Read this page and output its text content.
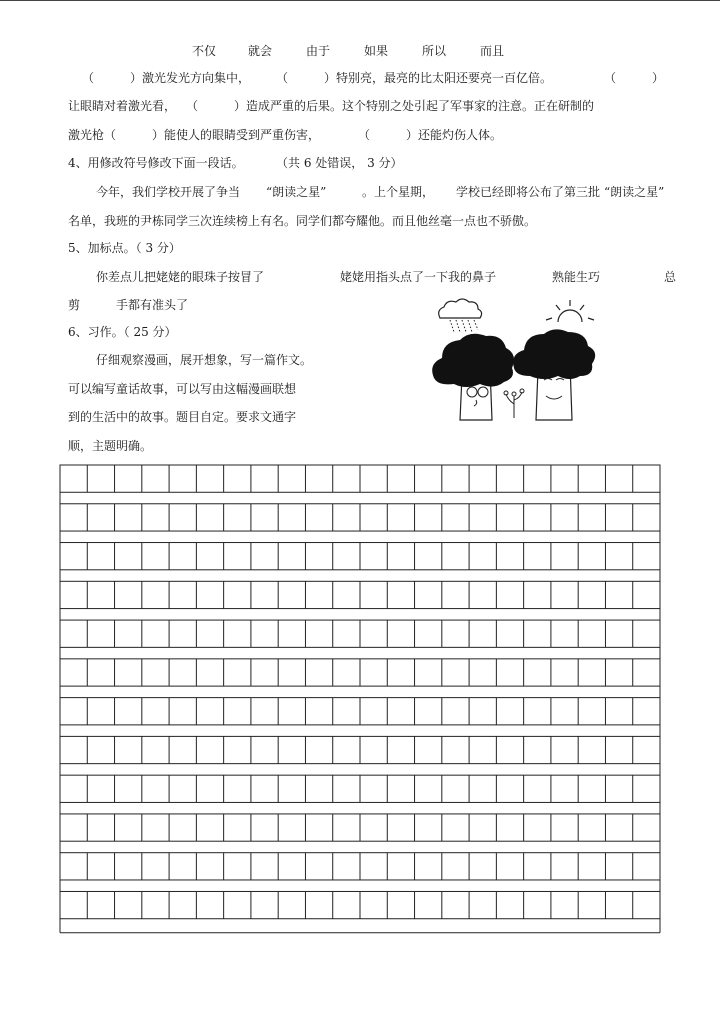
不仅	就会	由于	如果	所以	而且
（　　　）激光发光方向集中， （　　　）特别亮，最亮的比太阳还要亮一百亿倍。	（　　　）
让眼睛对着激光看， （　　　）造成严重的后果。这个特别之处引起了军事家的注意。正在研制的
激光枪（　　　）能使人的眼睛受到严重伤害，	（　　　）还能灼伤人体。
4、用修改符号修改下面一段话。	（共 6 处错误， 3 分）
今年，我们学校开展了争当 “朗读之星”	。上个星期， 学校已经即将公布了第三批 “朗读之星”
名单，我班的尹栋同学三次连续榜上有名。同学们都夸耀他。而且他丝毫一点也不骄傲。
5、加标点。（ 3 分）
你差点儿把姥姥的眼珠子按冒了	姥姥用指头点了一下我的鼻子	熟能生巧	总
剪	手都有准头了
6、习作。（ 25 分）
仔细观察漫画，展开想象，写一篇作文。
可以编写童话故事，可以写由这幅漫画联想
到的生活中的故事。题目自定。要求文通字
顺，主题明确。
